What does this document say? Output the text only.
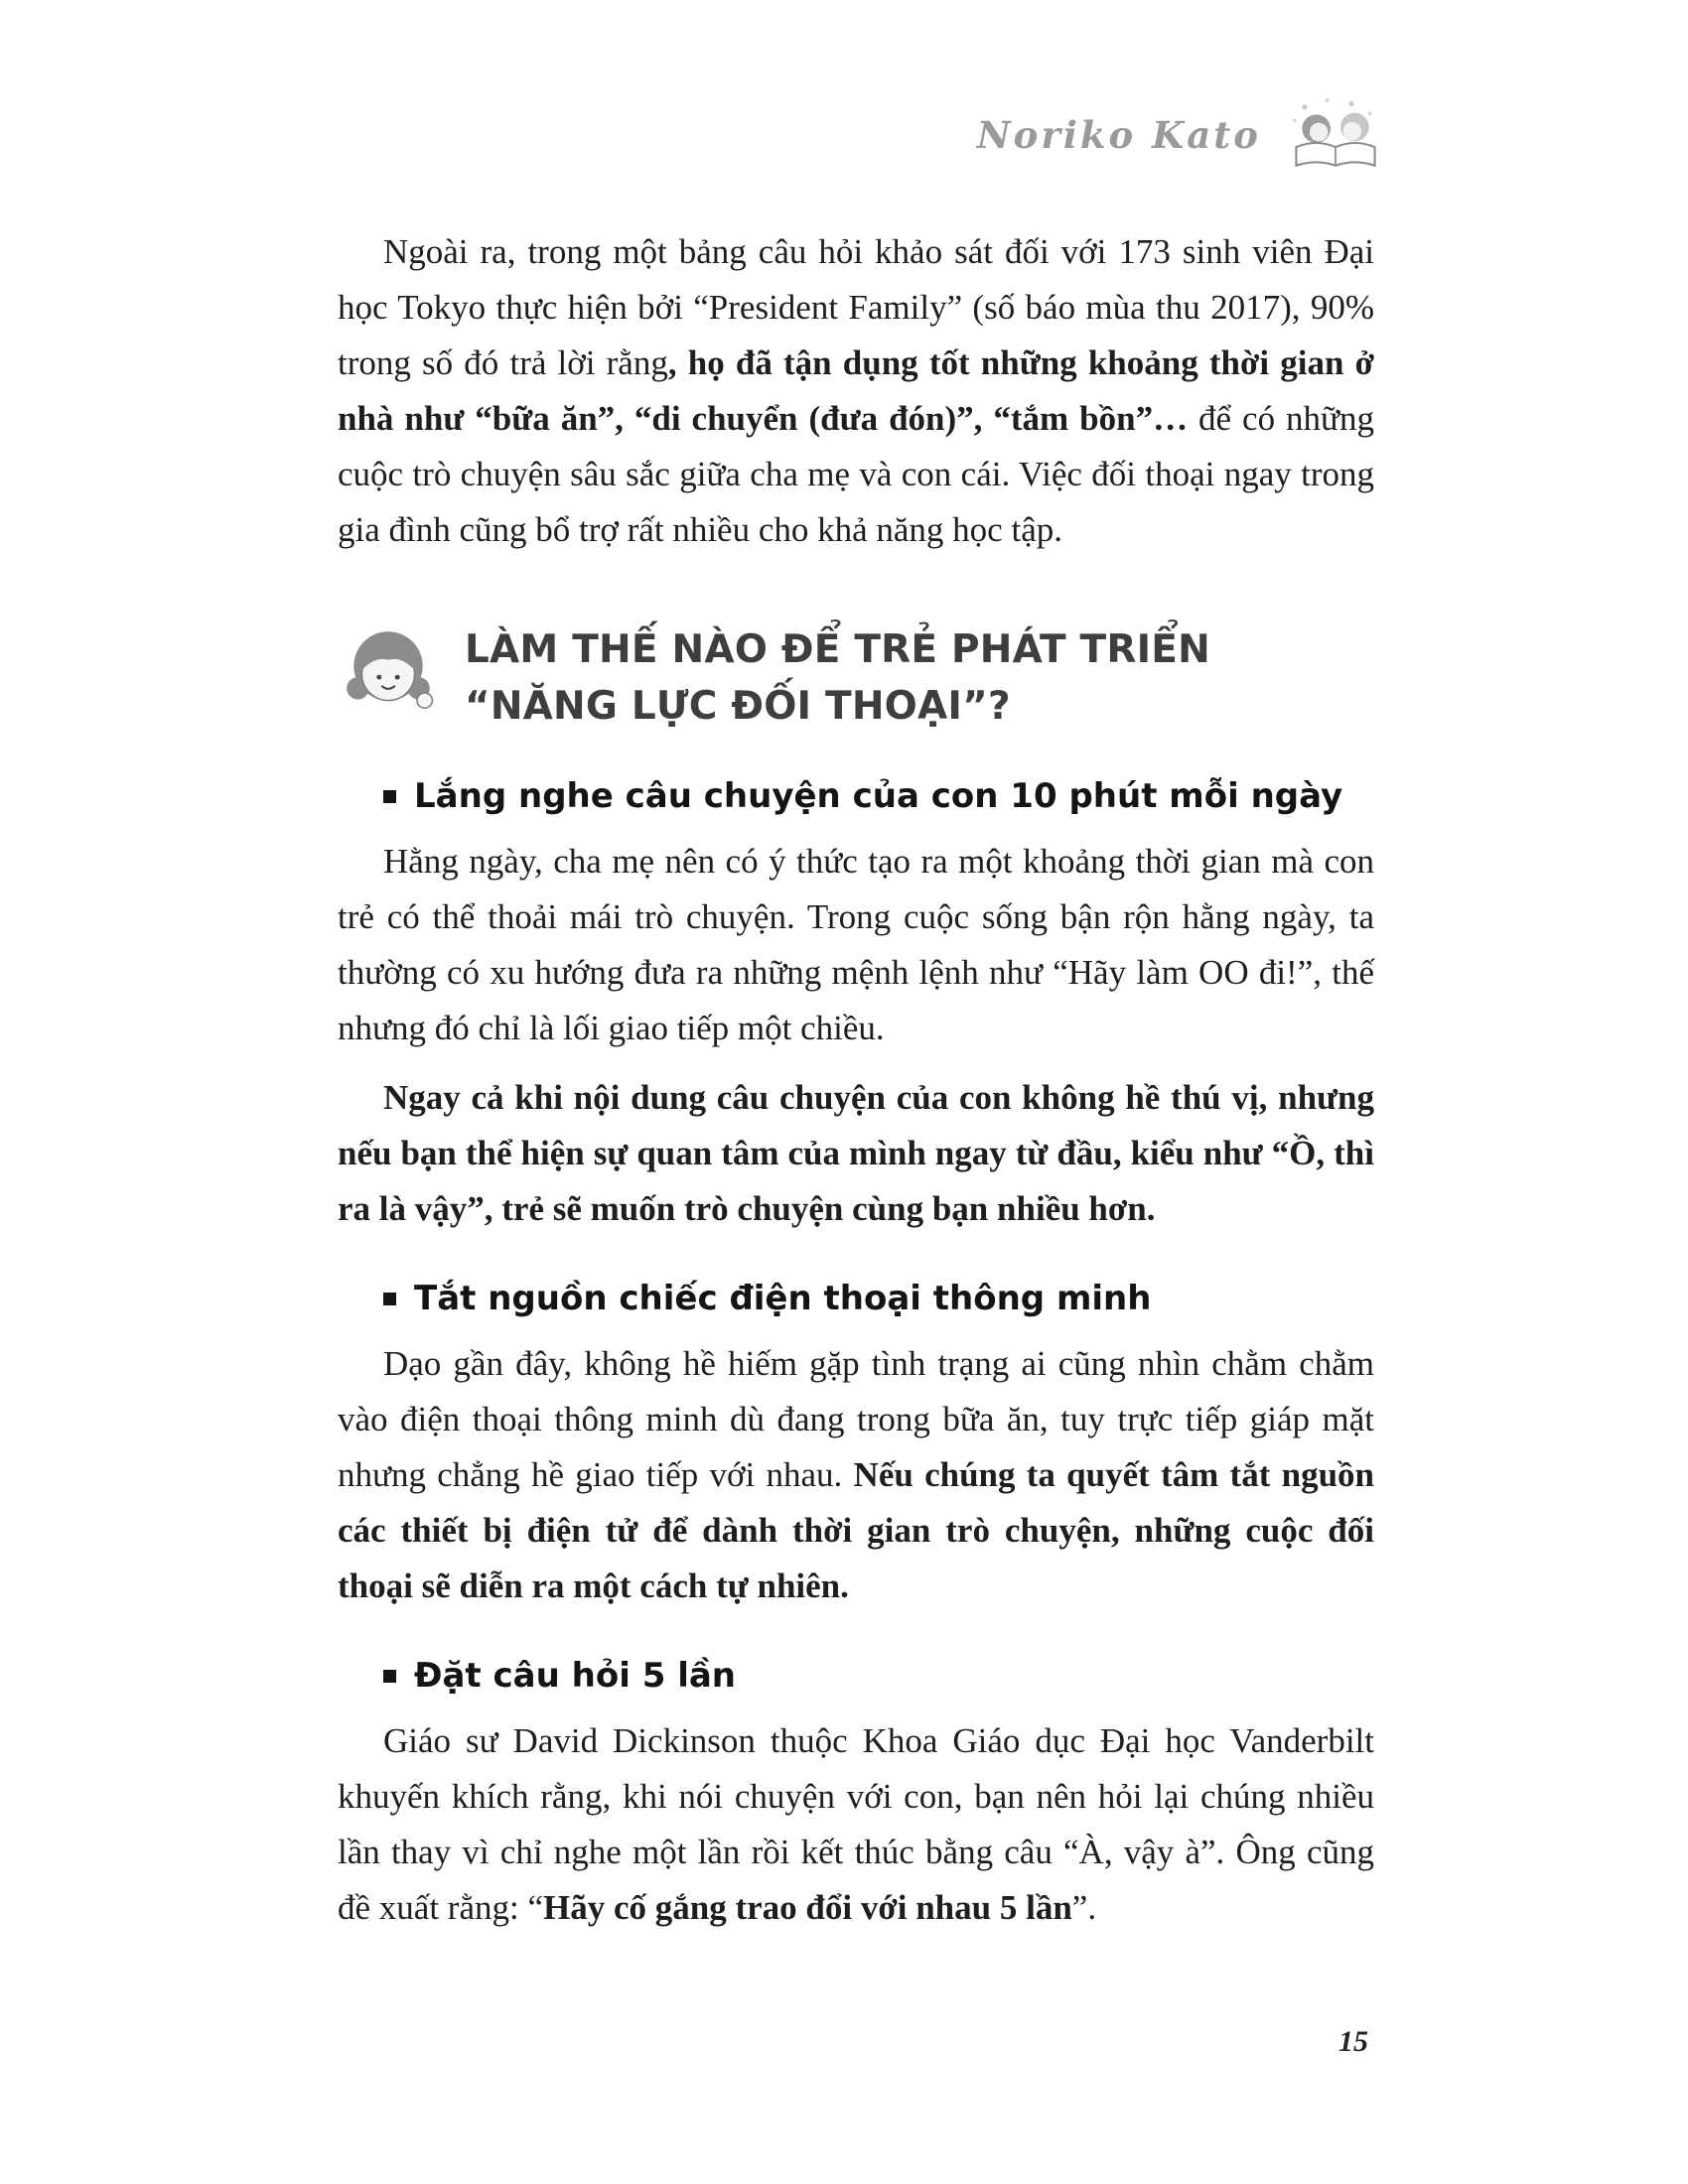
Noriko Kato

Ngoài ra, trong một bảng câu hỏi khảo sát đối với 173 sinh viên Đại học Tokyo thực hiện bởi “President Family” (số báo mùa thu 2017), 90% trong số đó trả lời rằng, họ đã tận dụng tốt những khoảng thời gian ở nhà như “bữa ăn”, “di chuyển (đưa đón)”, “tắm bồn”… để có những cuộc trò chuyện sâu sắc giữa cha mẹ và con cái. Việc đối thoại ngay trong gia đình cũng bổ trợ rất nhiều cho khả năng học tập.

LÀM THẾ NÀO ĐỂ TRẺ PHÁT TRIỂN “NĂNG LỰC ĐỐI THOẠI”?
Lắng nghe câu chuyện của con 10 phút mỗi ngày

Hằng ngày, cha mẹ nên có ý thức tạo ra một khoảng thời gian mà con trẻ có thể thoải mái trò chuyện. Trong cuộc sống bận rộn hằng ngày, ta thường có xu hướng đưa ra những mệnh lệnh như “Hãy làm OO đi!”, thế nhưng đó chỉ là lối giao tiếp một chiều.

Ngay cả khi nội dung câu chuyện của con không hề thú vị, nhưng nếu bạn thể hiện sự quan tâm của mình ngay từ đầu, kiểu như “Ồ, thì ra là vậy”, trẻ sẽ muốn trò chuyện cùng bạn nhiều hơn.

Tắt nguồn chiếc điện thoại thông minh

Dạo gần đây, không hề hiếm gặp tình trạng ai cũng nhìn chằm chằm vào điện thoại thông minh dù đang trong bữa ăn, tuy trực tiếp giáp mặt nhưng chẳng hề giao tiếp với nhau. Nếu chúng ta quyết tâm tắt nguồn các thiết bị điện tử để dành thời gian trò chuyện, những cuộc đối thoại sẽ diễn ra một cách tự nhiên.

Đặt câu hỏi 5 lần

Giáo sư David Dickinson thuộc Khoa Giáo dục Đại học Vanderbilt khuyến khích rằng, khi nói chuyện với con, bạn nên hỏi lại chúng nhiều lần thay vì chỉ nghe một lần rồi kết thúc bằng câu “À, vậy à”. Ông cũng đề xuất rằng: “Hãy cố gắng trao đổi với nhau 5 lần”.

15
